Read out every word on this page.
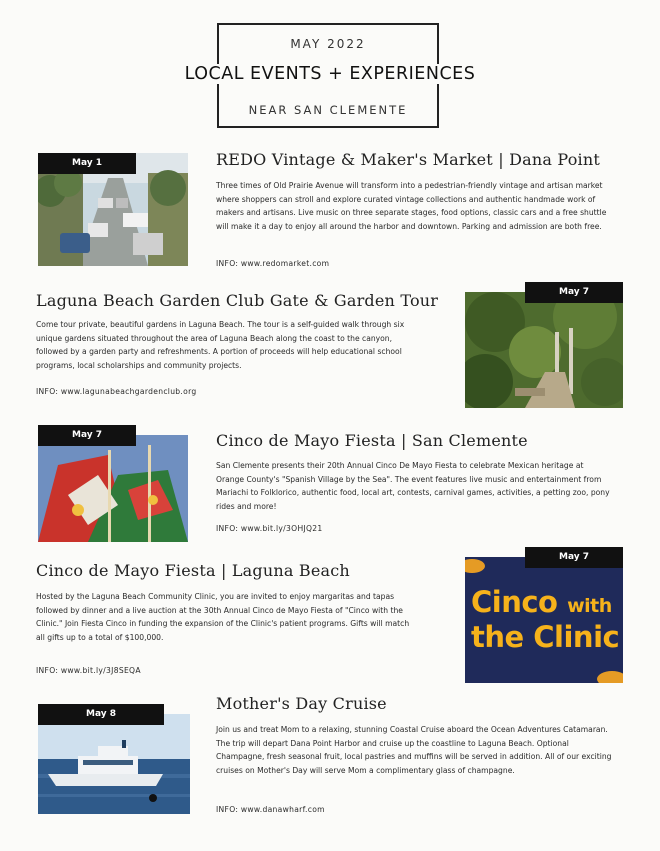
MAY 2022
NEAR SAN CLEMENTE
LOCAL EVENTS + EXPERIENCES
May 1	REDO Vintage & Maker's Market | Dana Point
Three times of Old Prairie Avenue will transform into a pedestrian-friendly vintage and artisan market where shoppers can stroll and explore curated vintage collections and authentic handmade work of makers and artisans. Live music on three separate stages, food options, classic cars and a free shuttle will make it a day to enjoy all around the harbor and downtown. Parking and admission are both free.
INFO: www.redomarket.com
Laguna Beach Garden Club Gate & Garden Tour
Come tour private, beautiful gardens in Laguna Beach. The tour is a self-guided walk through six unique gardens situated throughout the area of Laguna Beach along the coast to the canyon, followed by a garden party and refreshments. A portion of proceeds will help educational school programs, local scholarships and community projects.
INFO: www.lagunabeachgardenclub.org
May 7
May 7	Cinco de Mayo Fiesta | San Clemente
San Clemente presents their 20th Annual Cinco De Mayo Fiesta to celebrate Mexican heritage at Orange County's "Spanish Village by the Sea". The event features live music and entertainment from Mariachi to Folklorico, authentic food, local art, contests, carnival games, activities, a petting zoo, pony rides and more!
INFO: www.bit.ly/3OHJQ21
Cinco de Mayo Fiesta | Laguna Beach
Hosted by the Laguna Beach Community Clinic, you are invited to enjoy margaritas and tapas followed by dinner and a live auction at the 30th Annual Cinco de Mayo Fiesta of "Cinco with the Clinic." Join Fiesta Cinco in funding the expansion of the Clinic's patient programs. Gifts will match all gifts up to a total of $100,000.
INFO: www.bit.ly/3J8SEQA
Cinco with
the Clinic
May 7
May 8
Mother's Day Cruise
Join us and treat Mom to a relaxing, stunning Coastal Cruise aboard the Ocean Adventures Catamaran. The trip will depart Dana Point Harbor and cruise up the coastline to Laguna Beach. Optional Champagne, fresh seasonal fruit, local pastries and muffins will be served in addition. All of our exciting cruises on Mother's Day will serve Mom a complimentary glass of champagne.
INFO: www.danawharf.com
